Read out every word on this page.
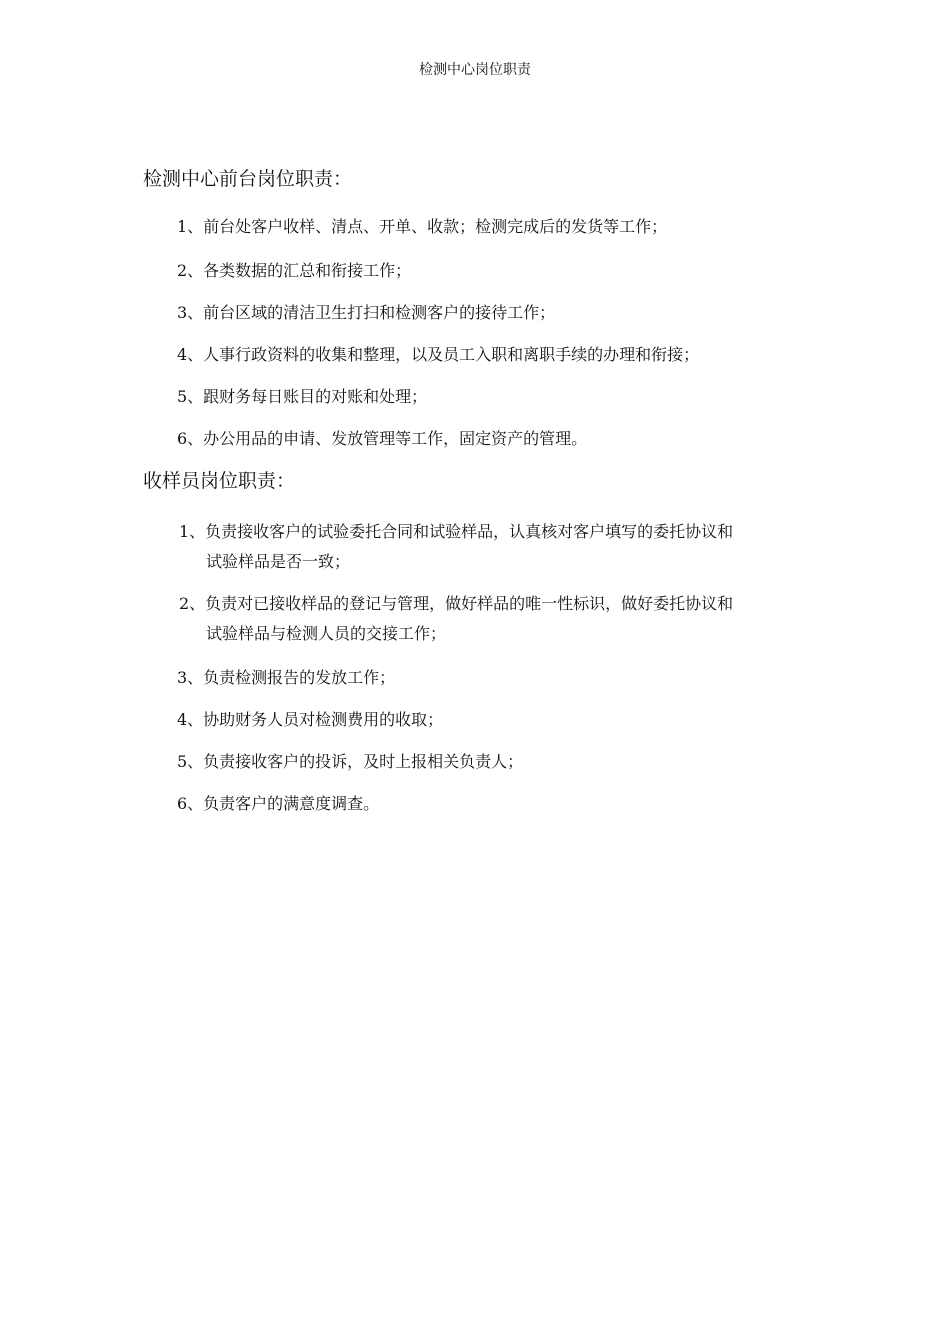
检测中心岗位职责
检测中心前台岗位职责：
1、前台处客户收样、清点、开单、收款；检测完成后的发货等工作；
2、各类数据的汇总和衔接工作；
3、前台区域的清洁卫生打扫和检测客户的接待工作；
4、人事行政资料的收集和整理，以及员工入职和离职手续的办理和衔接；
5、跟财务每日账目的对账和处理；
6、办公用品的申请、发放管理等工作，固定资产的管理。
收样员岗位职责：
1、负责接收客户的试验委托合同和试验样品，认真核对客户填写的委托协议和
试验样品是否一致；
2、负责对已接收样品的登记与管理，做好样品的唯一性标识，做好委托协议和
试验样品与检测人员的交接工作；
3、负责检测报告的发放工作；
4、协助财务人员对检测费用的收取；
5、负责接收客户的投诉，及时上报相关负责人；
6、负责客户的满意度调查。
